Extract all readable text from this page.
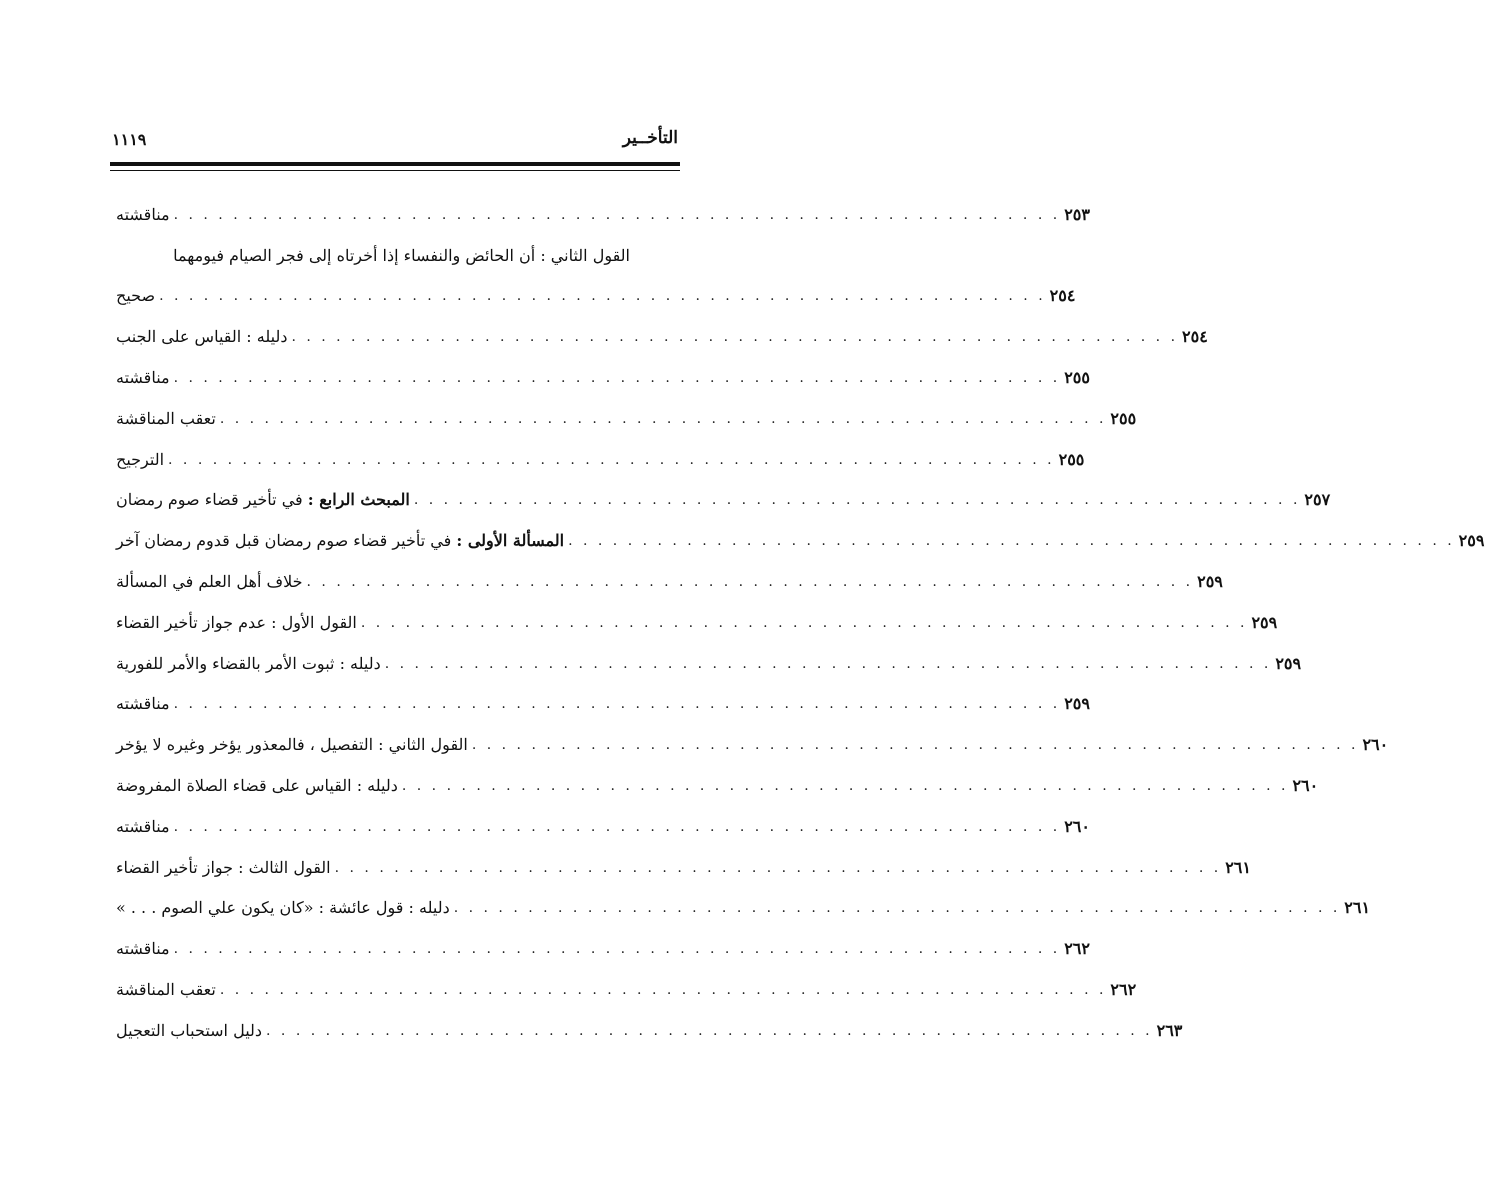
التأخــير
١١١٩
مناقشته . . . . . . . . . . . . . . . . . . . . . . . . . . . . . . . . . . . . . . . . . . . . . . . . . . . . . . . . . . . . ٢٥٣
القول الثاني : أن الحائض والنفساء إذا أخرتاه إلى فجر الصيام فيومهما
صحيح . . . . . . . . . . . . . . . . . . . . . . . . . . . . . . . . . . . . . . . . . . . . . . . . . . . . . . . . . . . . ٢٥٤
دليله : القياس على الجنب . . . . . . . . . . . . . . . . . . . . . . . . . . . . . . . . . . . . . . . . . . . . . . . . . . . . . . . . . . . . ٢٥٤
مناقشته . . . . . . . . . . . . . . . . . . . . . . . . . . . . . . . . . . . . . . . . . . . . . . . . . . . . . . . . . . . . ٢٥٥
تعقب المناقشة . . . . . . . . . . . . . . . . . . . . . . . . . . . . . . . . . . . . . . . . . . . . . . . . . . . . . . . . . . . . ٢٥٥
الترجيح . . . . . . . . . . . . . . . . . . . . . . . . . . . . . . . . . . . . . . . . . . . . . . . . . . . . . . . . . . . . ٢٥٥
المبحث الرابع : في تأخير قضاء صوم رمضان	. . . . . . . . . . . . . . . . . . . . . . . . . . . . . . . . . . . . . . . . . . . . . . . . . . . . . . . . . . . . ٢٥٧
المسألة الأولى : في تأخير قضاء صوم رمضان قبل قدوم رمضان آخر	. . . . . . . . . . . . . . . . . . . . . . . . . . . . . . . . . . . . . . . . . . . . . . . . . . . . . . . . . . . . ٢٥٩
خلاف أهل العلم في المسألة . . . . . . . . . . . . . . . . . . . . . . . . . . . . . . . . . . . . . . . . . . . . . . . . . . . . . . . . . . . . ٢٥٩
القول الأول : عدم جواز تأخير القضاء . . . . . . . . . . . . . . . . . . . . . . . . . . . . . . . . . . . . . . . . . . . . . . . . . . . . . . . . . . . . ٢٥٩
دليله : ثبوت الأمر بالقضاء والأمر للفورية . . . . . . . . . . . . . . . . . . . . . . . . . . . . . . . . . . . . . . . . . . . . . . . . . . . . . . . . . . . . ٢٥٩
مناقشته . . . . . . . . . . . . . . . . . . . . . . . . . . . . . . . . . . . . . . . . . . . . . . . . . . . . . . . . . . . . ٢٥٩
القول الثاني : التفصيل ، فالمعذور يؤخر وغيره لا يؤخر . . . . . . . . . . . . . . . . . . . . . . . . . . . . . . . . . . . . . . . . . . . . . . . . . . . . . . . . . . . . ٢٦٠
دليله : القياس على قضاء الصلاة المفروضة . . . . . . . . . . . . . . . . . . . . . . . . . . . . . . . . . . . . . . . . . . . . . . . . . . . . . . . . . . . . ٢٦٠
مناقشته . . . . . . . . . . . . . . . . . . . . . . . . . . . . . . . . . . . . . . . . . . . . . . . . . . . . . . . . . . . . ٢٦٠
القول الثالث : جواز تأخير القضاء . . . . . . . . . . . . . . . . . . . . . . . . . . . . . . . . . . . . . . . . . . . . . . . . . . . . . . . . . . . . ٢٦١
دليله : قول عائشة : «كان يكون علي الصوم . . . » . . . . . . . . . . . . . . . . . . . . . . . . . . . . . . . . . . . . . . . . . . . . . . . . . . . . . . . . . . . . ٢٦١
مناقشته . . . . . . . . . . . . . . . . . . . . . . . . . . . . . . . . . . . . . . . . . . . . . . . . . . . . . . . . . . . . ٢٦٢
تعقب المناقشة . . . . . . . . . . . . . . . . . . . . . . . . . . . . . . . . . . . . . . . . . . . . . . . . . . . . . . . . . . . . ٢٦٢
دليل استحباب التعجيل . . . . . . . . . . . . . . . . . . . . . . . . . . . . . . . . . . . . . . . . . . . . . . . . . . . . . . . . . . . . ٢٦٣
